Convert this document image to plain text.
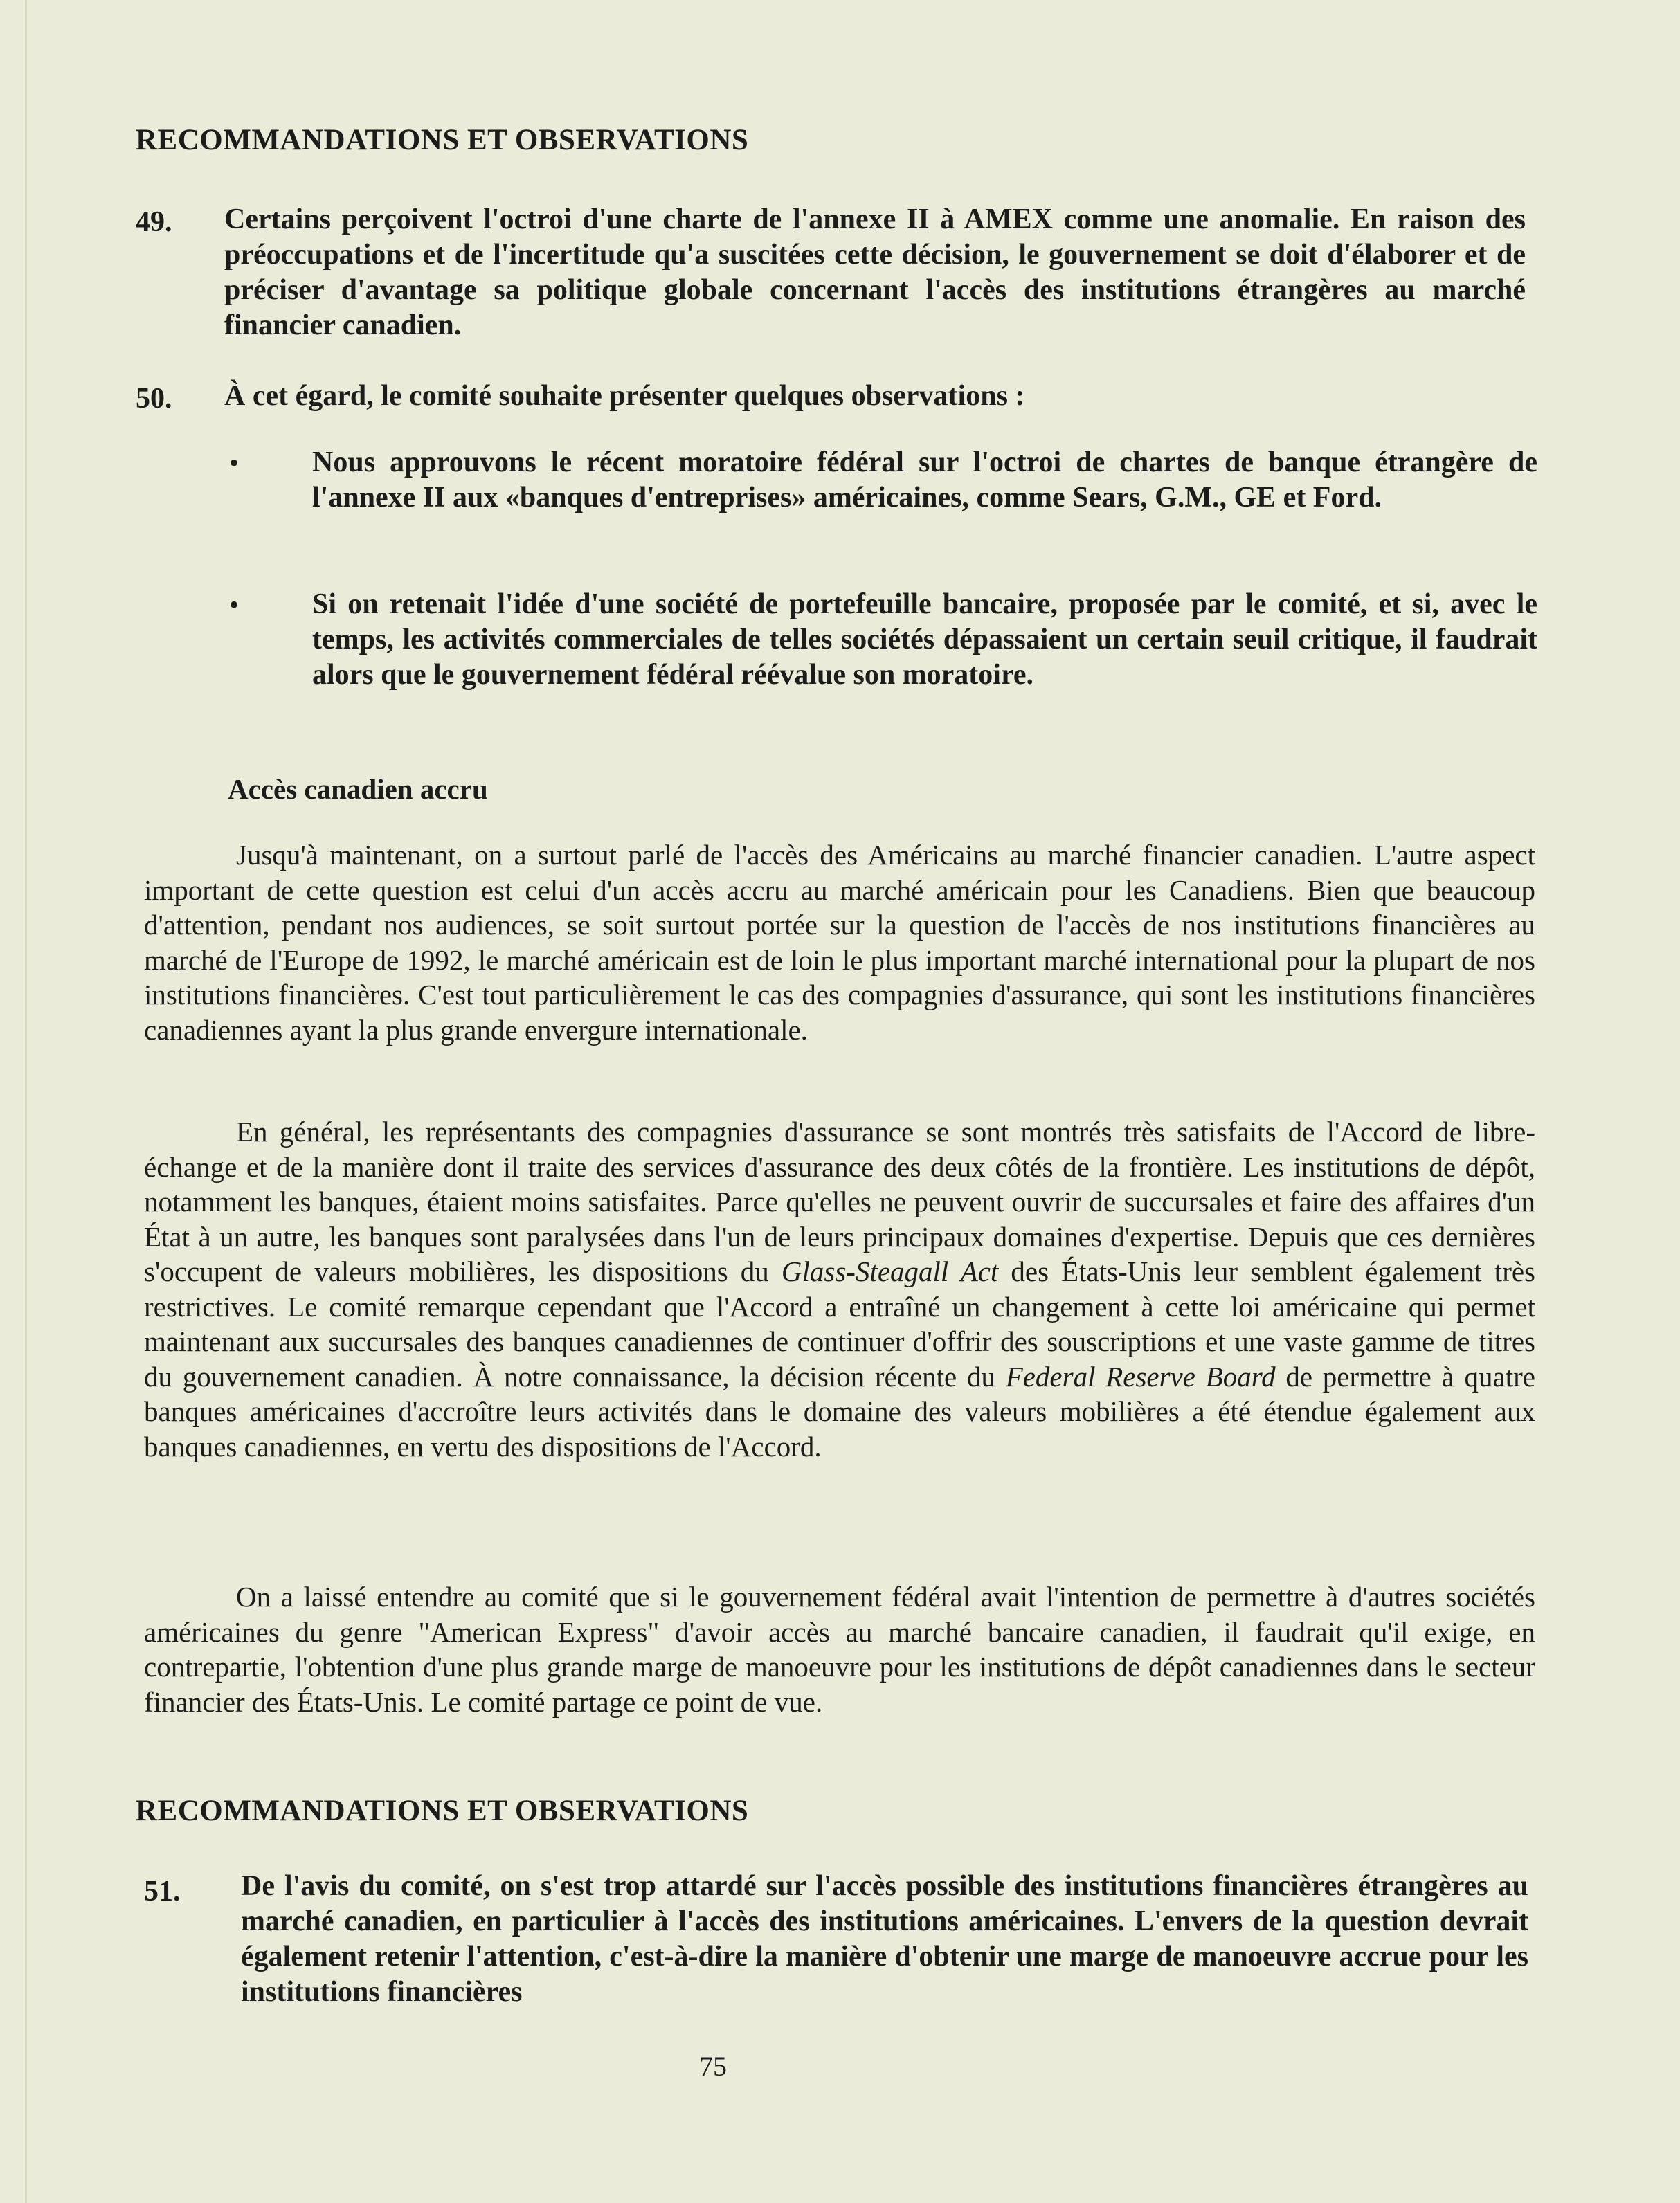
RECOMMANDATIONS ET OBSERVATIONS
49. Certains perçoivent l'octroi d'une charte de l'annexe II à AMEX comme une anomalie. En raison des préoccupations et de l'incertitude qu'a suscitées cette décision, le gouvernement se doit d'élaborer et de préciser d'avantage sa politique globale concernant l'accès des institutions étrangères au marché financier canadien.

50. À cet égard, le comité souhaite présenter quelques observations :

•	Nous approuvons le récent moratoire fédéral sur l'octroi de chartes de banque étrangère de l'annexe II aux «banques d'entreprises» américaines, comme Sears, G.M., GE et Ford.

•	Si on retenait l'idée d'une société de portefeuille bancaire, proposée par le comité, et si, avec le temps, les activités commerciales de telles sociétés dépassaient un certain seuil critique, il faudrait alors que le gouvernement fédéral réévalue son moratoire.

Accès canadien accru

Jusqu'à maintenant, on a surtout parlé de l'accès des Américains au marché financier canadien. L'autre aspect important de cette question est celui d'un accès accru au marché américain pour les Canadiens. Bien que beaucoup d'attention, pendant nos audiences, se soit surtout portée sur la question de l'accès de nos institutions financières au marché de l'Europe de 1992, le marché américain est de loin le plus important marché international pour la plupart de nos institutions financières. C'est tout particulièrement le cas des compagnies d'assurance, qui sont les institutions financières canadiennes ayant la plus grande envergure internationale.

En général, les représentants des compagnies d'assurance se sont montrés très satisfaits de l'Accord de libre-échange et de la manière dont il traite des services d'assurance des deux côtés de la frontière. Les institutions de dépôt, notamment les banques, étaient moins satisfaites. Parce qu'elles ne peuvent ouvrir de succursales et faire des affaires d'un État à un autre, les banques sont paralysées dans l'un de leurs principaux domaines d'expertise. Depuis que ces dernières s'occupent de valeurs mobilières, les dispositions du Glass-Steagall Act des États-Unis leur semblent également très restrictives. Le comité remarque cependant que l'Accord a entraîné un changement à cette loi américaine qui permet maintenant aux succursales des banques canadiennes de continuer d'offrir des souscriptions et une vaste gamme de titres du gouvernement canadien. À notre connaissance, la décision récente du Federal Reserve Board de permettre à quatre banques américaines d'accroître leurs activités dans le domaine des valeurs mobilières a été étendue également aux banques canadiennes, en vertu des dispositions de l'Accord.

On a laissé entendre au comité que si le gouvernement fédéral avait l'intention de permettre à d'autres sociétés américaines du genre "American Express" d'avoir accès au marché bancaire canadien, il faudrait qu'il exige, en contrepartie, l'obtention d'une plus grande marge de manoeuvre pour les institutions de dépôt canadiennes dans le secteur financier des États-Unis. Le comité partage ce point de vue.

RECOMMANDATIONS ET OBSERVATIONS
51. De l'avis du comité, on s'est trop attardé sur l'accès possible des institutions financières étrangères au marché canadien, en particulier à l'accès des institutions américaines. L'envers de la question devrait également retenir l'attention, c'est-à-dire la manière d'obtenir une marge de manoeuvre accrue pour les institutions financières

75
